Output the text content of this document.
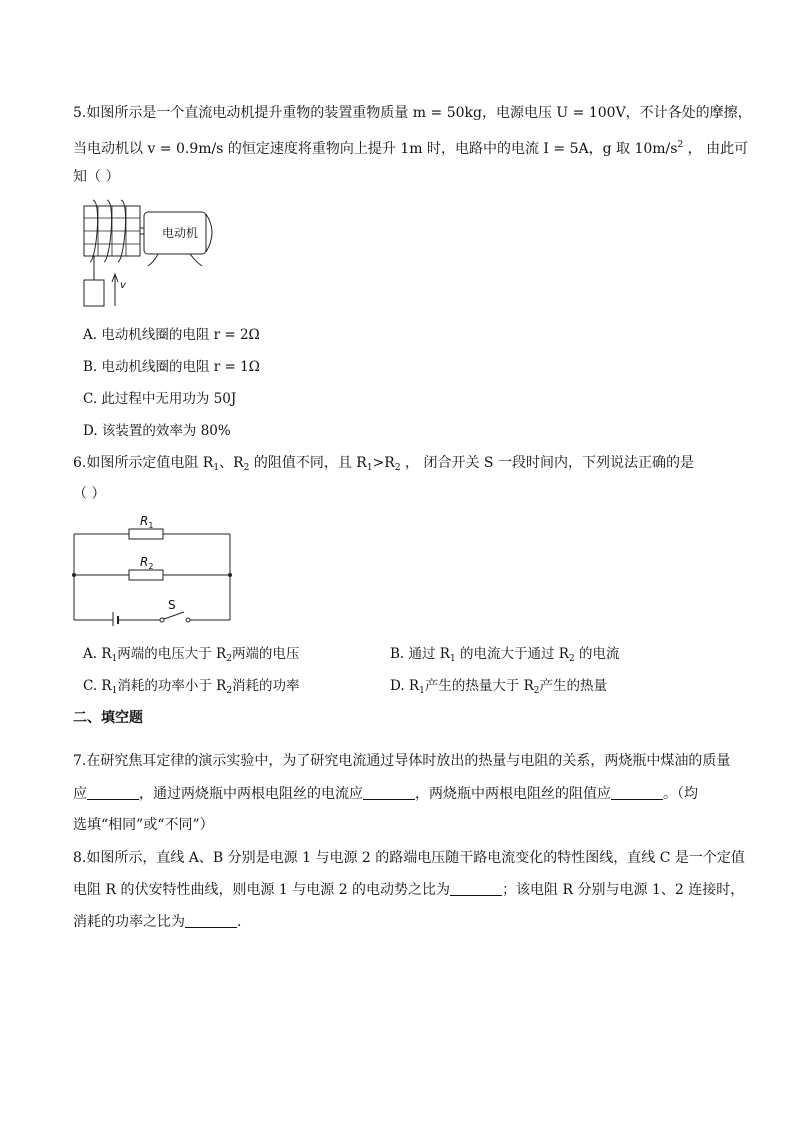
5.如图所示是一个直流电动机提升重物的装置重物质量 m = 50kg，电源电压 U = 100V，不计各处的摩擦，
当电动机以 v = 0.9m/s 的恒定速度将重物向上提升 1m 时，电路中的电流 I = 5A，g 取 $10m/s^2$ ， 由此可
知（ ）
电动机
v
A. 电动机线圈的电阻 r = 2Ω
B. 电动机线圈的电阻 r = 1Ω
C. 此过程中无用功为 50J
D. 该装置的效率为 80%
6.如图所示定值电阻 $R_1$、$R_2$ 的阻值不同，且 $R_1>R_2$ ， 闭合开关 S 一段时间内，下列说法正确的是
（ ）
$R_1$
$R_2$
S
A. $R_1$两端的电压大于 $R_2$两端的电压	B. 通过 $R_1$ 的电流大于通过 $R_2$ 的电流
C. $R_1$消耗的功率小于 $R_2$消耗的功率	D. $R_1$产生的热量大于 $R_2$产生的热量
二、填空题
7.在研究焦耳定律的演示实验中，为了研究电流通过导体时放出的热量与电阻的关系，两烧瓶中煤油的质量
应	，通过两烧瓶中两根电阻丝的电流应	，两烧瓶中两根电阻丝的阻值应	。（均
选填“相同”或“不同”）
8.如图所示，直线 A、B 分别是电源 1 与电源 2 的路端电压随干路电流变化的特性图线，直线 C 是一个定值
电阻 R 的伏安特性曲线，则电源 1 与电源 2 的电动势之比为	；该电阻 R 分别与电源 1、2 连接时，
消耗的功率之比为	.
